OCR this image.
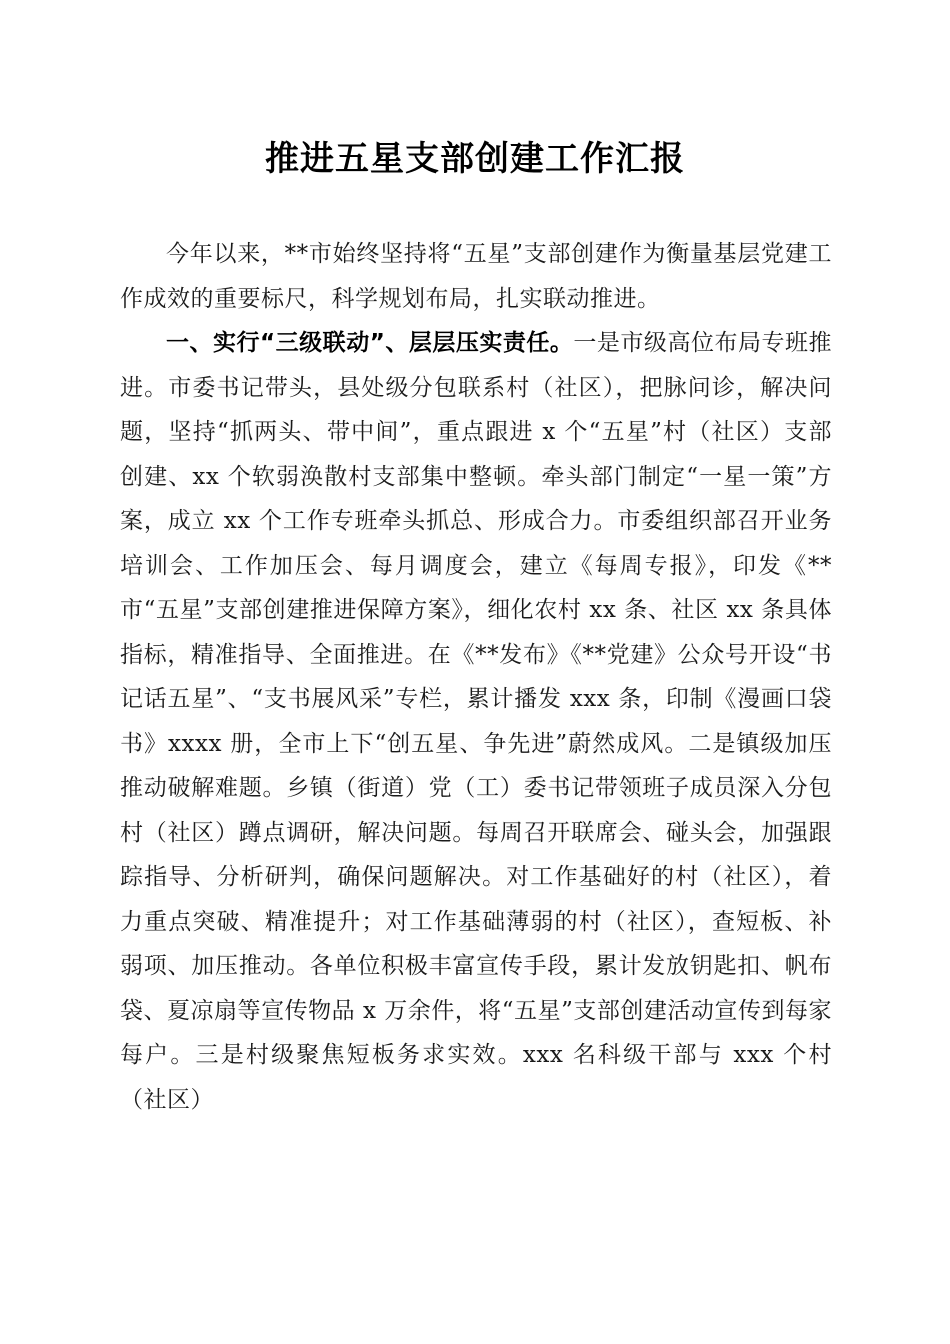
推进五星支部创建工作汇报

今年以来，**市始终坚持将“五星”支部创建作为衡量基层党建工作成效的重要标尺，科学规划布局，扎实联动推进。

一、实行“三级联动”、层层压实责任。一是市级高位布局专班推进。市委书记带头，县处级分包联系村（社区），把脉问诊，解决问题，坚持“抓两头、带中间”，重点跟进 x 个“五星”村（社区）支部创建、xx 个软弱涣散村支部集中整顿。牵头部门制定“一星一策”方案，成立 xx 个工作专班牵头抓总、形成合力。市委组织部召开业务培训会、工作加压会、每月调度会，建立《每周专报》，印发《**市“五星”支部创建推进保障方案》，细化农村 xx 条、社区 xx 条具体指标，精准指导、全面推进。在《**发布》《**党建》公众号开设“书记话五星”、“支书展风采”专栏，累计播发 xxx 条，印制《漫画口袋书》xxxx 册，全市上下“创五星、争先进”蔚然成风。二是镇级加压推动破解难题。乡镇（街道）党（工）委书记带领班子成员深入分包村（社区）蹲点调研，解决问题。每周召开联席会、碰头会，加强跟踪指导、分析研判，确保问题解决。对工作基础好的村（社区），着力重点突破、精准提升；对工作基础薄弱的村（社区），查短板、补弱项、加压推动。各单位积极丰富宣传手段，累计发放钥匙扣、帆布袋、夏凉扇等宣传物品 x 万余件，将“五星”支部创建活动宣传到每家每户。三是村级聚焦短板务求实效。xxx 名科级干部与 xxx 个村（社区）
